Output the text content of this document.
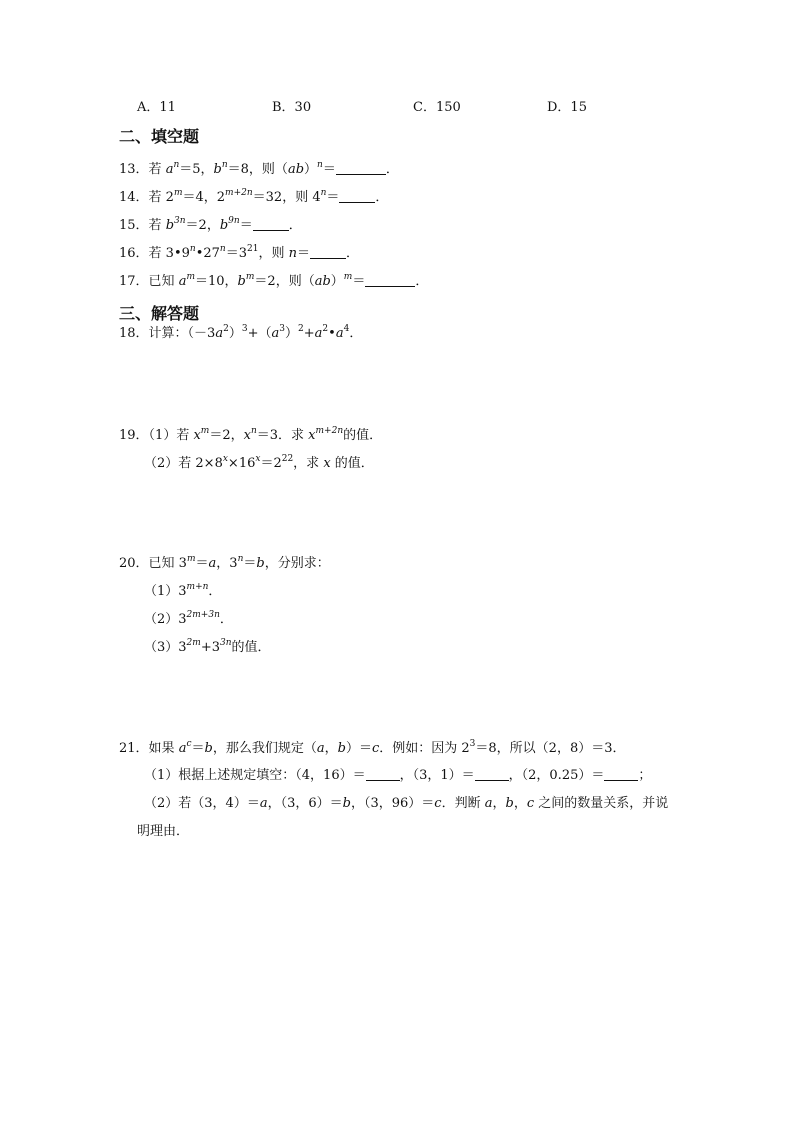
A．11	B．30	C．150	D．15
二、填空题
13．若 $a^n=5$，$b^n=8$，则（ab）$^n$＝	．
14．若 $2^m=4$，$2^{m+2n}=32$，则 $4^n=$	．
15．若 $b^{3n}=2$，$b^{9n}=$	．
16．若 $3•9^n•27^n=3^{21}$，则 n＝	．
17．已知 $a^m=10$，$b^m=2$，则（ab）$^m$＝	．
三、解答题
18．计算：$(-3a^2)^3+(a^3)^2+a^2•a^4$．
19．（1）若 $x^m=2$，$x^n=3$．求 $x^{m+2n}$的值．
（2）若 $2\times 8^x\times 16^x=2^{22}$，求 x 的值．
20．已知 $3^m=a$，$3^n=b$，分别求：
$(1)3^{m+n}$．
$(2)3^{2m+3n}$．
$(3)3^{2m}+3^{3n}$的值．
21．如果 $a^c=b$，那么我们规定（a，b）＝c．例如：因为 $2^3=8$，所以（2，8）＝3．
（1）根据上述规定填空：（4，16）＝	，（3，1）＝	，（2，0.25）＝	；
（2）若（3，4）＝a，（3，6）＝b，（3，96）＝c．判断 a，b，c 之间的数量关系，并说
明理由．
